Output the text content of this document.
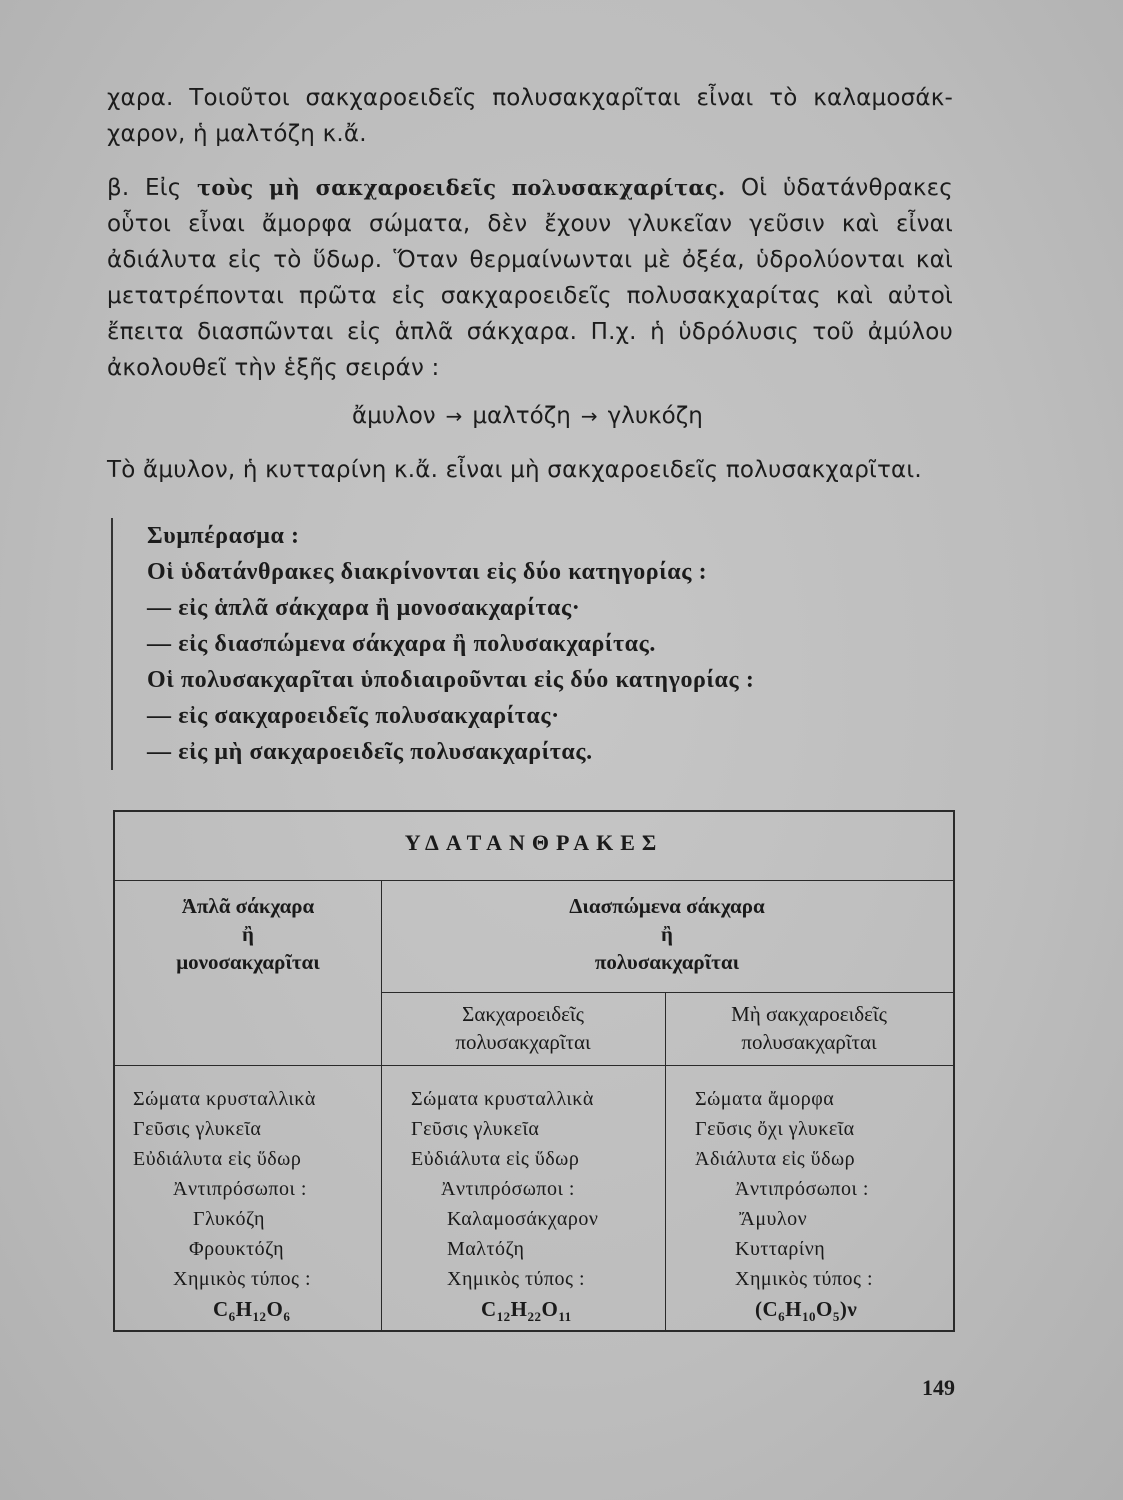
χαρα. Τοιοῦτοι σακχαροειδεῖς πολυσακχαρῖται εἶναι τὸ καλαμοσάκ-χαρον, ἡ μαλτόζη κ.ἄ.

β. Εἰς τοὺς μὴ σακχαροειδεῖς πολυσακχαρίτας. Οἱ ὑδατάνθρακες οὗτοι εἶναι ἄμορφα σώματα, δὲν ἔχουν γλυκεῖαν γεῦσιν καὶ εἶναι ἀδιάλυτα εἰς τὸ ὕδωρ. Ὅταν θερμαίνωνται μὲ ὀξέα, ὑδρολύονται καὶ μετατρέπονται πρῶτα εἰς σακχαροειδεῖς πολυσακχαρίτας καὶ αὐτοὶ ἔπειτα διασπῶνται εἰς ἁπλᾶ σάκχαρα. Π.χ. ἡ ὑδρόλυσις τοῦ ἀμύλου ἀκολουθεῖ τὴν ἑξῆς σειράν :

ἄμυλον → μαλτόζη → γλυκόζη

Τὸ ἄμυλον, ἡ κυτταρίνη κ.ἄ. εἶναι μὴ σακχαροειδεῖς πολυσακχαρῖται.

Συμπέρασμα :
Οἱ ὑδατάνθρακες διακρίνονται εἰς δύο κατηγορίας :
— εἰς ἁπλᾶ σάκχαρα ἢ μονοσακχαρίτας·
— εἰς διασπώμενα σάκχαρα ἢ πολυσακχαρίτας.
Οἱ πολυσακχαρῖται ὑποδιαιροῦνται εἰς δύο κατηγορίας :
— εἰς σακχαροειδεῖς πολυσακχαρίτας·
— εἰς μὴ σακχαροειδεῖς πολυσακχαρίτας.
ΥΔΑΤΑΝΘΡΑΚΕΣ
Ἁπλᾶ σάκχαρα
ἢ
μονοσακχαρῖται
Διασπώμενα σάκχαρα
ἢ
πολυσακχαρῖται
Σακχαροειδεῖς
πολυσακχαρῖται
Μὴ σακχαροειδεῖς
πολυσακχαρῖται
Σώματα κρυσταλλικὰ
Γεῦσις γλυκεῖα
Εὐδιάλυτα εἰς ὕδωρ
Ἀντιπρόσωποι :
Γλυκόζη
Φρουκτόζη
Χημικὸς τύπος :
$C_6H_{12}O_6$
Σώματα κρυσταλλικὰ
Γεῦσις γλυκεῖα
Εὐδιάλυτα εἰς ὕδωρ
Ἀντιπρόσωποι :
Καλαμοσάκχαρον
Μαλτόζη
Χημικὸς τύπος :
$C_{12}H_{22}O_{11}$
Σώματα ἄμορφα
Γεῦσις ὄχι γλυκεῖα
Ἀδιάλυτα εἰς ὕδωρ
Ἀντιπρόσωποι :
Ἄμυλον
Κυτταρίνη
Χημικὸς τύπος :
$(C_6H_{10}O_5)\nu$
149
